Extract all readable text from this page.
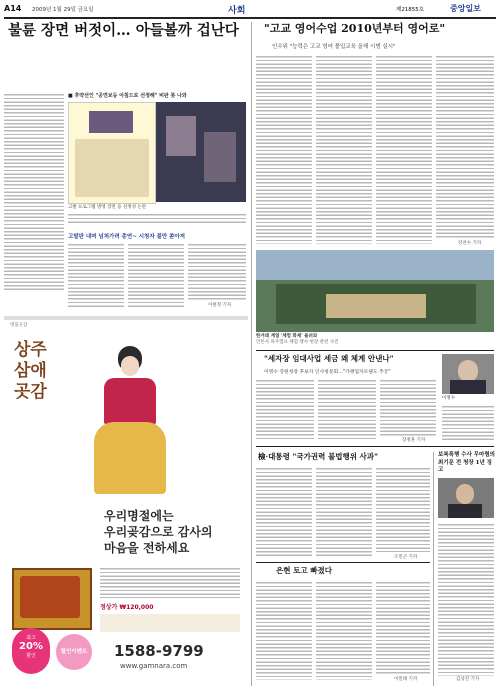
A14 2009년 1월 29일 금요일	사회	제21855호	중앙일보
불륜 장면 버젓이… 아들볼까 겁난다
■ 후약선인 "공연보등 아침드로 선정해" 비판 봇 나와
고발 프로그램 방영 장면 등 선정성 논란
고발판 내며 넘쳐가려 총연~ 시청자 불만 쏟아져
이현정 기자
명품곳감
상주 삼애곳감
우리명절에는
우리곶감으로 감사의
마음을 전하세요
정상가 ₩120,000
최고
20%
할인
할인이벤트	1588-9799
www.gamnara.com
"고교 영어수업 2010년부터 영어로"
인수위 "능력은 고교 영어 몰입교육 올해 시범 실시"
강찬수 기자
한겨레 계열 '체험 화제' 몰려와
언론사 파주캠프 체험 행사 현장 관련 사진
"세자장 임대사업 세금 왜 체계 안낸나"
이명수 강원청장 후보자 인사청문회…"가맹업자모델도 추궁"
장정훈 기자
이명수
檢·대통령 "국가권력 불법행위 사과"
조민근 기자
은현 토고 빠졌다
이민태 기자
보복폭행 수사 무마혐의 최기문 전 청장 1년 징고
김상진 기자
